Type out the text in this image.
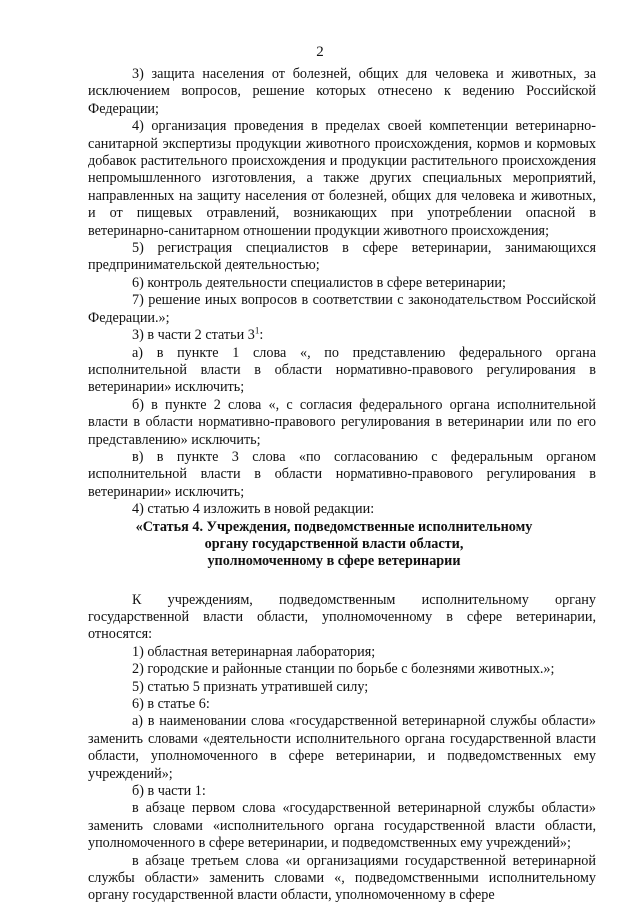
2

3) защита населения от болезней, общих для человека и животных, за исключением вопросов, решение которых отнесено к ведению Российской Федерации;

4) организация проведения в пределах своей компетенции ветеринарно-санитарной экспертизы продукции животного происхождения, кормов и кормовых добавок растительного происхождения и продукции растительного происхождения непромышленного изготовления, а также других специальных мероприятий, направленных на защиту населения от болезней, общих для человека и животных, и от пищевых отравлений, возникающих при употреблении опасной в ветеринарно-санитарном отношении продукции животного происхождения;

5) регистрация специалистов в сфере ветеринарии, занимающихся предпринимательской деятельностью;

6) контроль деятельности специалистов в сфере ветеринарии;

7) решение иных вопросов в соответствии с законодательством Российской Федерации.»;

3) в части 2 статьи $3^1$:

а) в пункте 1 слова «, по представлению федерального органа исполнительной власти в области нормативно-правового регулирования в ветеринарии» исключить;

б) в пункте 2 слова «, с согласия федерального органа исполнительной власти в области нормативно-правового регулирования в ветеринарии или по его представлению» исключить;

в) в пункте 3 слова «по согласованию с федеральным органом исполнительной власти в области нормативно-правового регулирования в ветеринарии» исключить;

4) статью 4 изложить в новой редакции:

«Статья 4. Учреждения, подведомственные исполнительному

органу государственной власти области,

уполномоченному в сфере ветеринарии

К учреждениям, подведомственным исполнительному органу государственной власти области, уполномоченному в сфере ветеринарии, относятся:

1) областная ветеринарная лаборатория;

2) городские и районные станции по борьбе с болезнями животных.»;

5) статью 5 признать утратившей силу;

6) в статье 6:

а) в наименовании слова «государственной ветеринарной службы области» заменить словами «деятельности исполнительного органа государственной власти области, уполномоченного в сфере ветеринарии, и подведомственных ему учреждений»;

б) в части 1:

в абзаце первом слова «государственной ветеринарной службы области» заменить словами «исполнительного органа государственной власти области, уполномоченного в сфере ветеринарии, и подведомственных ему учреждений»;

в абзаце третьем слова «и организациями государственной ветеринарной службы области» заменить словами «, подведомственными исполнительному органу государственной власти области, уполномоченному в сфере
